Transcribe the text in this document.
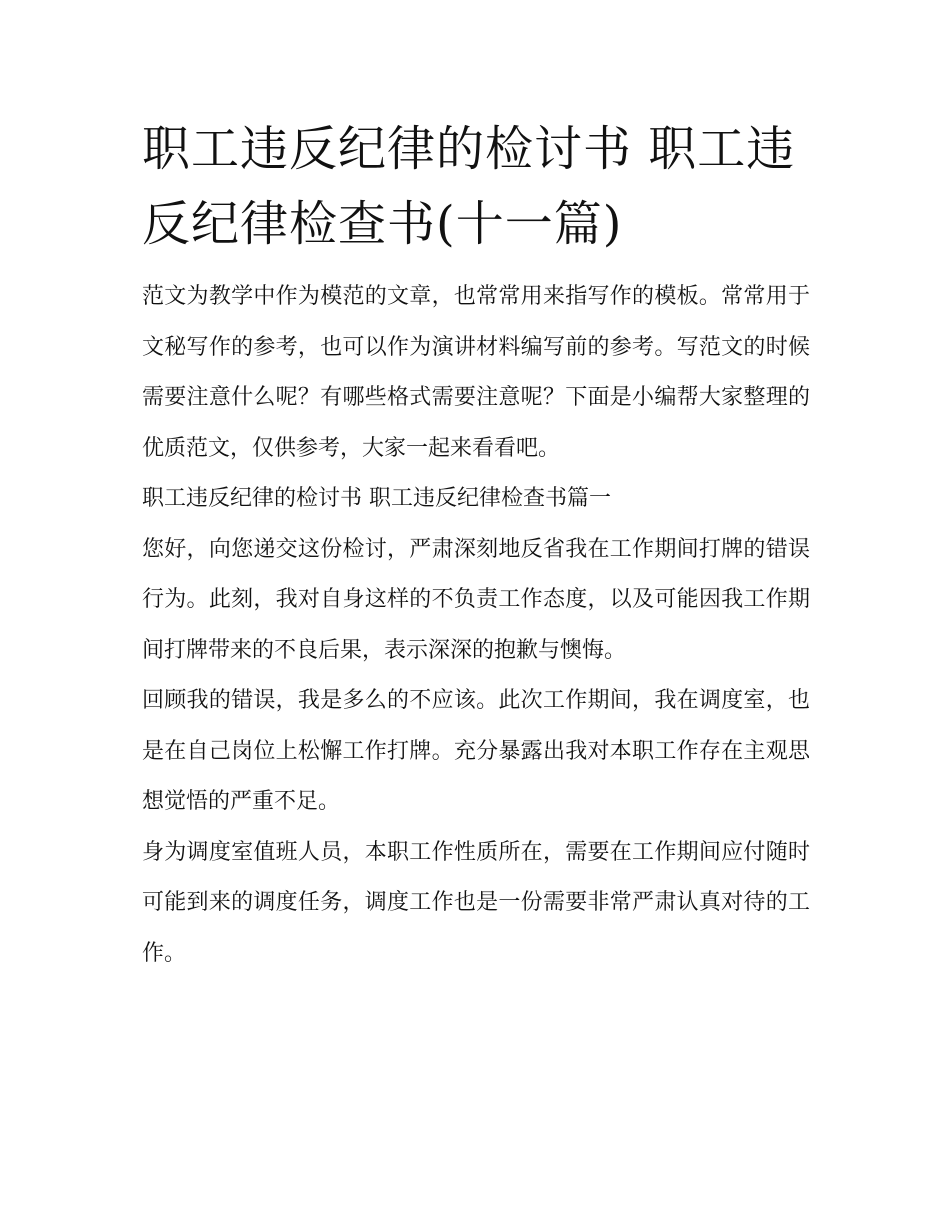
职工违反纪律的检讨书 职工违反纪律检查书(十一篇)

范文为教学中作为模范的文章，也常常用来指写作的模板。常常用于文秘写作的参考，也可以作为演讲材料编写前的参考。写范文的时候需要注意什么呢？有哪些格式需要注意呢？下面是小编帮大家整理的优质范文，仅供参考，大家一起来看看吧。

职工违反纪律的检讨书 职工违反纪律检查书篇一

您好，向您递交这份检讨，严肃深刻地反省我在工作期间打牌的错误行为。此刻，我对自身这样的不负责工作态度，以及可能因我工作期间打牌带来的不良后果，表示深深的抱歉与懊悔。

回顾我的错误，我是多么的不应该。此次工作期间，我在调度室，也是在自己岗位上松懈工作打牌。充分暴露出我对本职工作存在主观思想觉悟的严重不足。

身为调度室值班人员，本职工作性质所在，需要在工作期间应付随时可能到来的调度任务，调度工作也是一份需要非常严肃认真对待的工作。
